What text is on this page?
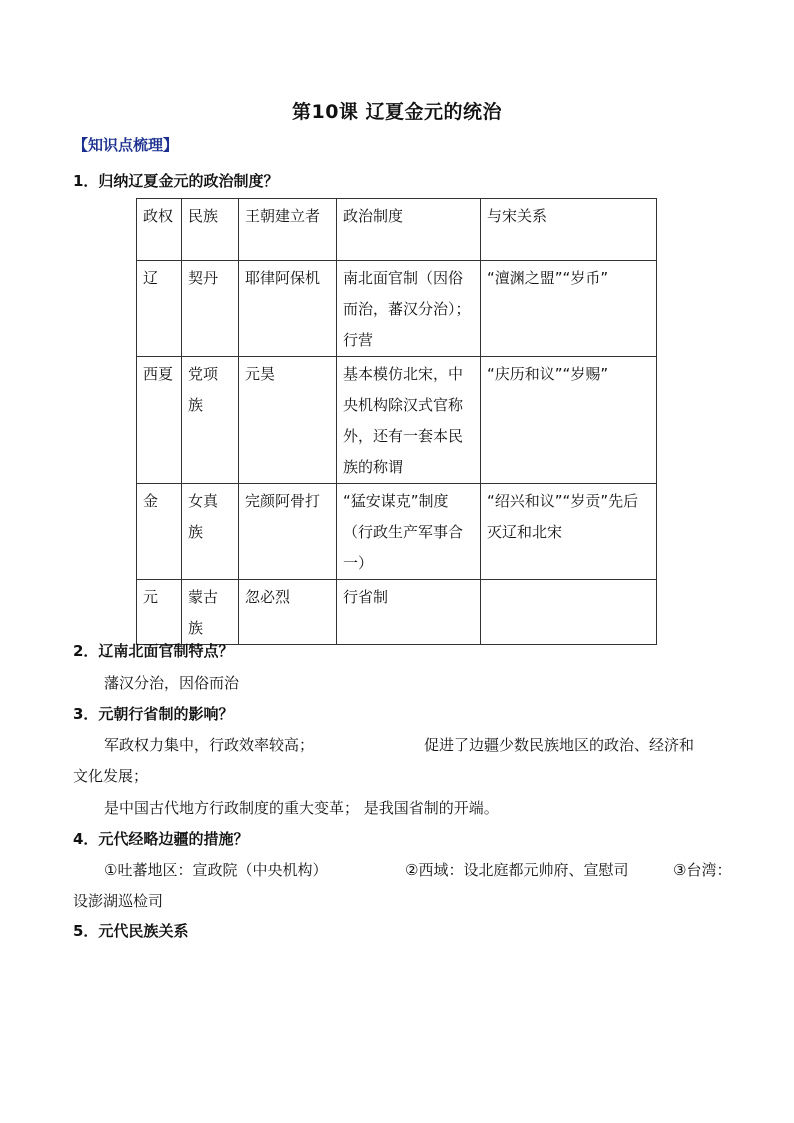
第10课 辽夏金元的统治
【知识点梳理】
1．归纳辽夏金元的政治制度？
政权	民族	王朝建立者	政治制度	与宋关系
辽	契丹	耶律阿保机	南北面官制（因俗而治，蕃汉分治）；行营	“澶渊之盟”“岁币”
西夏	党项族	元昊	基本模仿北宋，中央机构除汉式官称外，还有一套本民族的称谓	“庆历和议”“岁赐”
金	女真族	完颜阿骨打	“猛安谋克”制度（行政生产军事合一）	“绍兴和议”“岁贡”先后灭辽和北宋
元	蒙古族	忽必烈	行省制	
2．辽南北面官制特点？
藩汉分治，因俗而治
3．元朝行省制的影响？
军政权力集中，行政效率较高；	促进了边疆少数民族地区的政治、经济和
文化发展；
是中国古代地方行政制度的重大变革； 是我国省制的开端。
4．元代经略边疆的措施？
①吐蕃地区：宣政院（中央机构）	②西域：设北庭都元帅府、宣慰司	③台湾：
设澎湖巡检司
5．元代民族关系
